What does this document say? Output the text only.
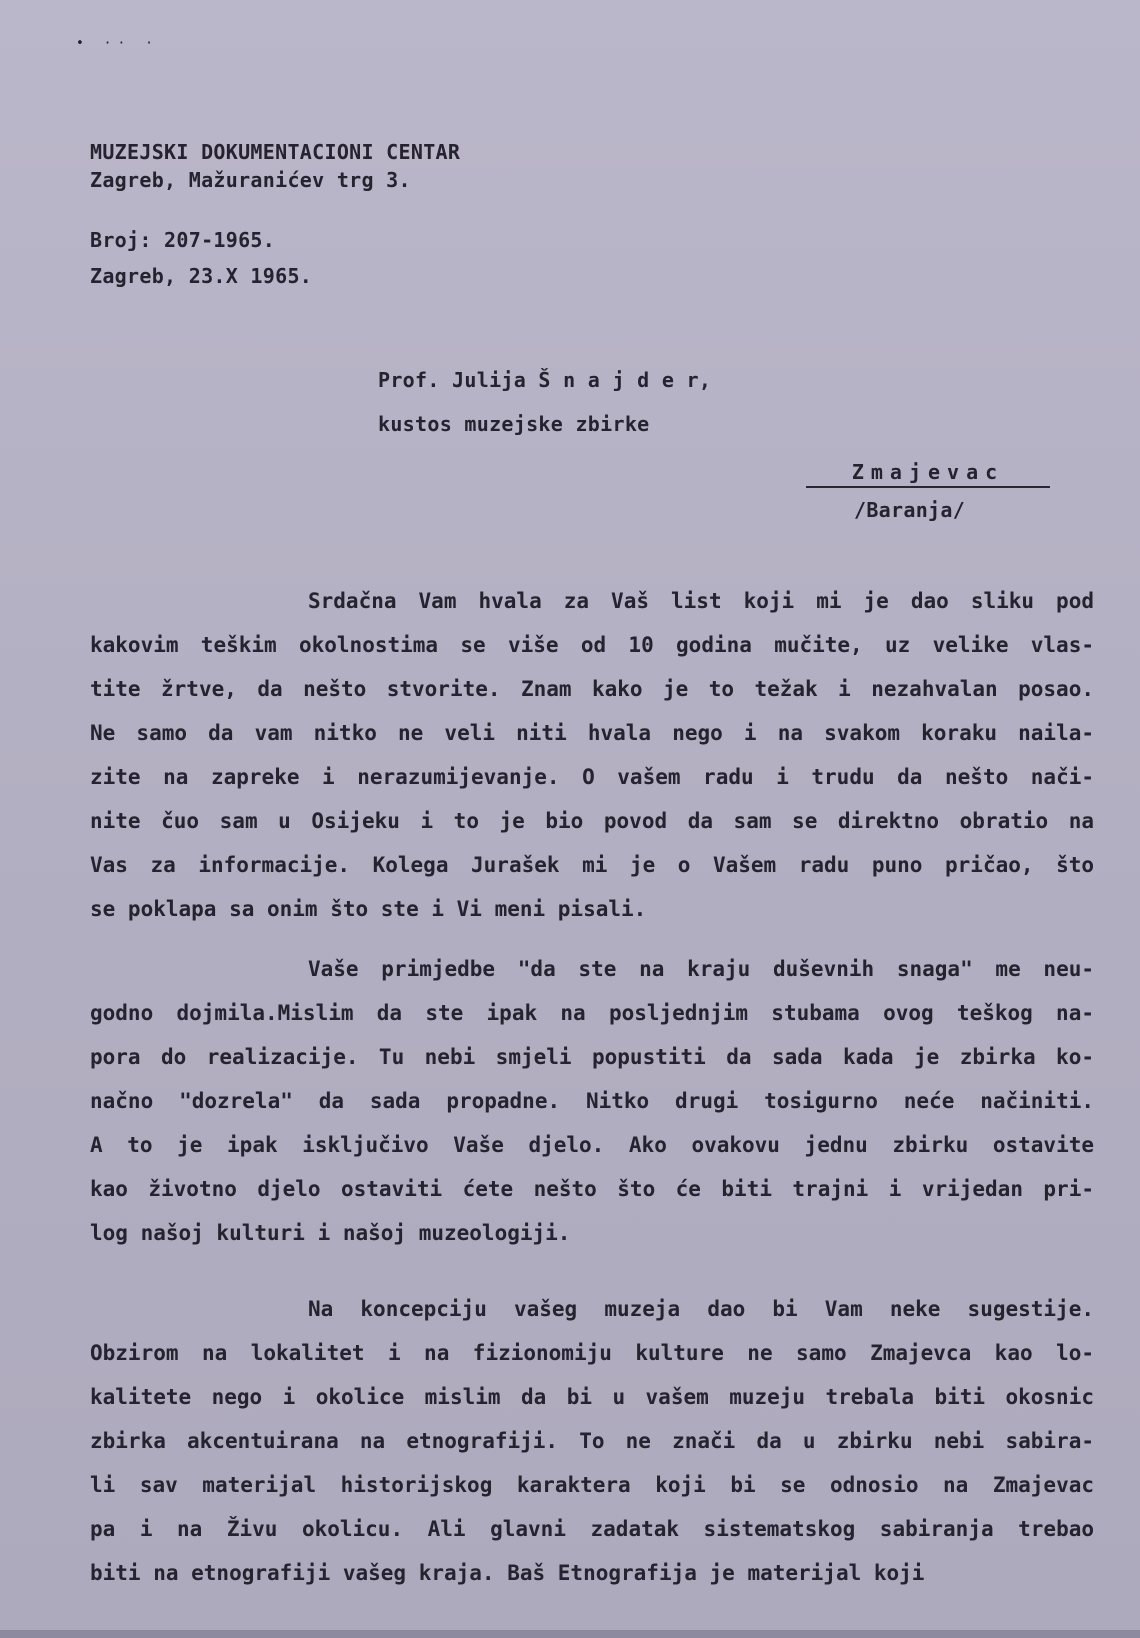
• ·· ·
MUZEJSKI DOKUMENTACIONI CENTAR
Zagreb, Mažuranićev trg 3.
Broj: 207-1965.
Zagreb, 23.X 1965.
Prof. Julija Š n a j d e r,
kustos muzejske zbirke
Zmajevac
/Baranja/
Srdačna Vam hvala za Vaš list koji mi je dao sliku pod
kakovim teškim okolnostima se više od 10 godina mučite, uz velike vlas-
tite žrtve, da nešto stvorite. Znam kako je to težak i nezahvalan posao.
Ne samo da vam nitko ne veli niti hvala nego i na svakom koraku naila-
zite na zapreke i nerazumijevanje. O vašem radu i trudu da nešto nači-
nite čuo sam u Osijeku i to je bio povod da sam se direktno obratio na
Vas za informacije. Kolega Jurašek mi je o Vašem radu puno pričao, što
se poklapa sa onim što ste i Vi meni pisali.
Vaše primjedbe "da ste na kraju duševnih snaga" me neu-
godno dojmila.Mislim da ste ipak na posljednjim stubama ovog teškog na-
pora do realizacije. Tu nebi smjeli popustiti da sada kada je zbirka ko-
načno "dozrela" da sada propadne. Nitko drugi tosigurno neće načiniti.
A to je ipak isključivo Vaše djelo. Ako ovakovu jednu zbirku ostavite
kao životno djelo ostaviti ćete nešto što će biti trajni i vrijedan pri-
log našoj kulturi i našoj muzeologiji.
Na koncepciju vašeg muzeja dao bi Vam neke sugestije.
Obzirom na lokalitet i na fizionomiju kulture ne samo Zmajevca kao lo-
kalitete nego i okolice mislim da bi u vašem muzeju trebala biti okosnic
zbirka akcentuirana na etnografiji. To ne znači da u zbirku nebi sabira-
li sav materijal historijskog karaktera koji bi se odnosio na Zmajevac
pa i na Živu okolicu. Ali glavni zadatak sistematskog sabiranja trebao
biti na etnografiji vašeg kraja. Baš Etnografija je materijal koji
